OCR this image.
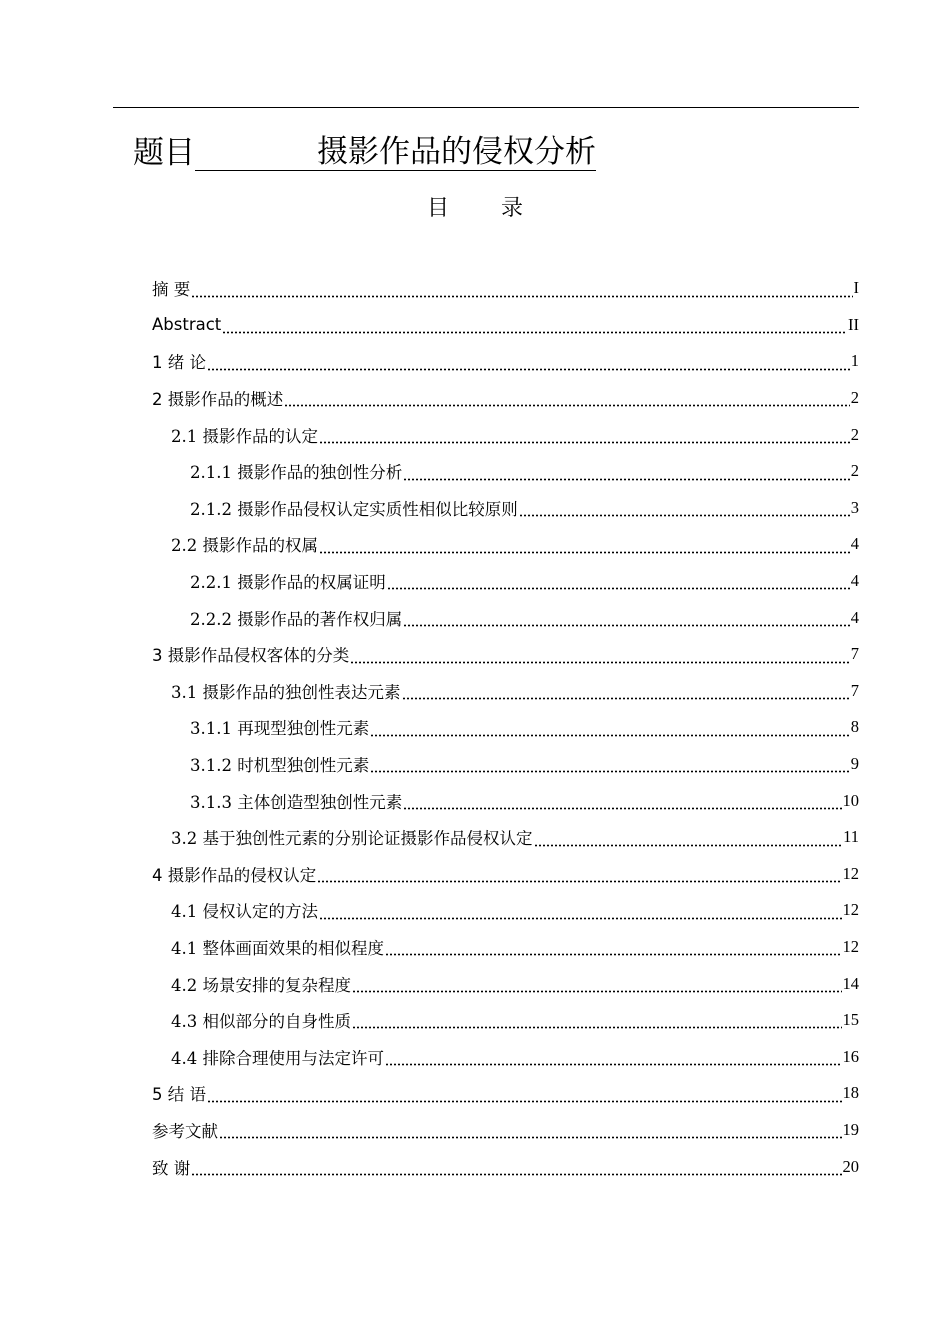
题目	摄影作品的侵权分析
目录
摘 要	I
Abstract	II
1 绪 论	1
2 摄影作品的概述	2
2.1 摄影作品的认定	2
2.1.1 摄影作品的独创性分析	2
2.1.2 摄影作品侵权认定实质性相似比较原则	3
2.2 摄影作品的权属	4
2.2.1 摄影作品的权属证明	4
2.2.2 摄影作品的著作权归属	4
3 摄影作品侵权客体的分类	7
3.1 摄影作品的独创性表达元素	7
3.1.1 再现型独创性元素	8
3.1.2 时机型独创性元素	9
3.1.3 主体创造型独创性元素	10
3.2 基于独创性元素的分别论证摄影作品侵权认定	11
4 摄影作品的侵权认定	12
4.1 侵权认定的方法	12
4.1 整体画面效果的相似程度	12
4.2 场景安排的复杂程度	14
4.3 相似部分的自身性质	15
4.4 排除合理使用与法定许可	16
5 结 语	18
参考文献	19
致 谢	20
